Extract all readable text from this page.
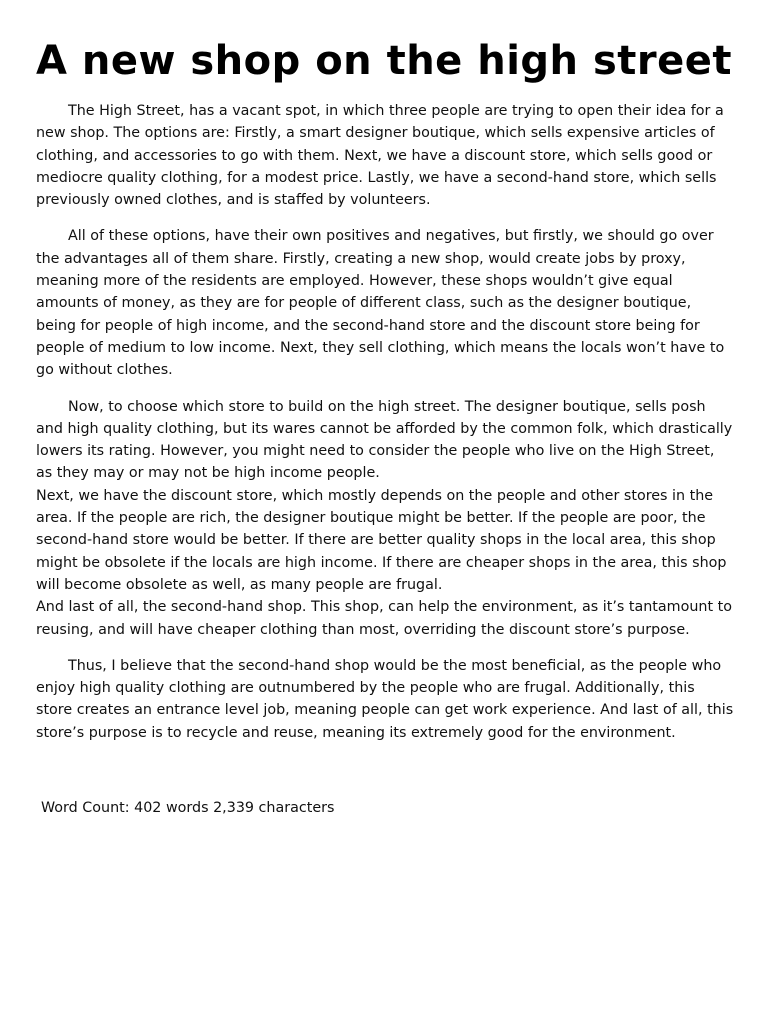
A new shop on the high street

The High Street, has a vacant spot, in which three people are trying to open their idea for a new shop. The options are: Firstly, a smart designer boutique, which sells expensive articles of clothing, and accessories to go with them. Next, we have a discount store, which sells good or mediocre quality clothing, for a modest price. Lastly, we have a second-hand store, which sells previously owned clothes, and is staffed by volunteers.

All of these options, have their own positives and negatives, but firstly, we should go over the advantages all of them share. Firstly, creating a new shop, would create jobs by proxy, meaning more of the residents are employed. However, these shops wouldn’t give equal amounts of money, as they are for people of different class, such as the designer boutique, being for people of high income, and the second-hand store and the discount store being for people of medium to low income. Next, they sell clothing, which means the locals won’t have to go without clothes.

Now, to choose which store to build on the high street. The designer boutique, sells posh and high quality clothing, but its wares cannot be afforded by the common folk, which drastically lowers its rating. However, you might need to consider the people who live on the High Street, as they may or may not be high income people.
Next, we have the discount store, which mostly depends on the people and other stores in the area. If the people are rich, the designer boutique might be better. If the people are poor, the second-hand store would be better. If there are better quality shops in the local area, this shop might be obsolete if the locals are high income. If there are cheaper shops in the area, this shop will become obsolete as well, as many people are frugal.
And last of all, the second-hand shop. This shop, can help the environment, as it’s tantamount to reusing, and will have cheaper clothing than most, overriding the discount store’s purpose.

Thus, I believe that the second-hand shop would be the most beneficial, as the people who enjoy high quality clothing are outnumbered by the people who are frugal. Additionally, this store creates an entrance level job, meaning people can get work experience. And last of all, this store’s purpose is to recycle and reuse, meaning its extremely good for the environment.

Word Count: 402 words 2,339 characters
